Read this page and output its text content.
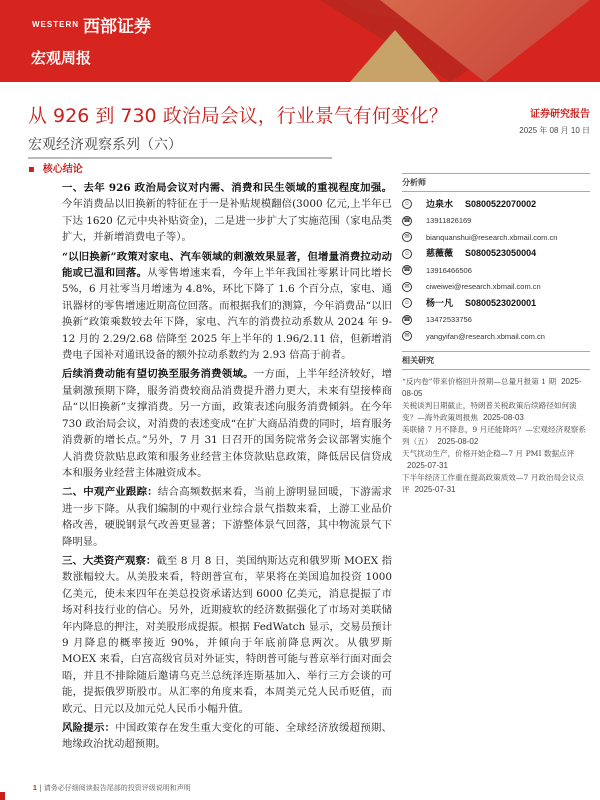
WESTERN 西部证券
宏观周报
从 926 到 730 政治局会议，行业景气有何变化？
宏观经济观察系列（六）
证券研究报告
2025 年 08 月 10 日
▪ 核心结论

一、去年 926 政治局会议对内需、消费和民生领域的重视程度加强。今年消费品以旧换新的特征在于一是补贴规模翻倍(3000 亿元,上半年已下达 1620 亿元中央补贴资金)，二是进一步扩大了实施范围（家电品类扩大，并新增消费电子等）。

“以旧换新”政策对家电、汽车领域的刺激效果显著，但增量消费拉动动能或已温和回落。从零售增速来看，今年上半年我国社零累计同比增长 5%，6 月社零当月增速为 4.8%，环比下降了 1.6 个百分点，家电、通讯器材的零售增速近期高位回落。而根据我们的测算，今年消费品“以旧换新”政策乘数较去年下降，家电、汽车的消费拉动系数从 2024 年 9-12 月的 2.29/2.68 倍降至 2025 年上半年的 1.96/2.11 倍，但新增消费电子国补对通讯设备的额外拉动系数约为 2.93 倍高于前者。

后续消费动能有望切换至服务消费领域。一方面，上半年经济较好，增量刺激预期下降，服务消费较商品消费提升潜力更大，未来有望接棒商品“以旧换新”支撑消费。另一方面，政策表述向服务消费倾斜。在今年 730 政治局会议，对消费的表述变成“在扩大商品消费的同时，培育服务消费新的增长点。”另外，7 月 31 日召开的国务院常务会议部署实施个人消费贷款贴息政策和服务业经营主体贷款贴息政策，降低居民信贷成本和服务业经营主体融资成本。

二、中观产业跟踪：结合高频数据来看，当前上游明显回暖，下游需求进一步下降。从我们编制的中观行业综合景气指数来看，上游工业品价格改善，硬脱钢景气改善更显著；下游整体景气回落，其中物流景气下降明显。

三、大类资产观察：截至 8 月 8 日，美国纳斯达克和俄罗斯 MOEX 指数涨幅较大。从美股来看，特朗普宣布，苹果将在美国追加投资 1000 亿美元，使未来四年在美总投资承诺达到 6000 亿美元，消息提振了市场对科技行业的信心。另外，近期疲软的经济数据强化了市场对美联储年内降息的押注，对美股形成提振。根据 FedWatch 显示，交易员预计 9 月降息的概率接近 90%，并倾向于年底前降息两次。从俄罗斯 MOEX 来看，白宫高级官员对外证实，特朗普可能与普京举行面对面会晤，并且不排除随后邀请乌克兰总统泽连斯基加入、举行三方会谈的可能，提振俄罗斯股市。从汇率的角度来看，本周美元兑人民币贬值，而欧元、日元以及加元兑人民币小幅升值。

风险提示：中国政策存在发生重大变化的可能、全球经济放缓超预期、地缘政治扰动超预期。

分析师
☺ 边泉水 S0800522070002
☎ 13911826169
✉	bianquanshui@research.xbmail.com.cn
☺ 慈薇薇 S0800523050004
☎ 13916466506
✉	ciweiwei@research.xbmail.com.cn
☺ 杨一凡 S0800523020001
☎ 13472533756
✉	yangyifan@research.xbmail.com.cn
相关研究
“反内卷”带来价格回升预期—总量月报第 1 期 2025-08-05
关税谈判日期截止，特朗普关税政策后续路径如何演变？—海外政策周报焦 2025-08-03
美联储 7 月不降息，9 月还能降吗？—宏观经济观察系列（五） 2025-08-02
天气扰动生产，价格开始企稳—7 月 PMI 数据点评2025-07-31
下半年经济工作重在提高政策质效—7 月政治局会议点评 2025-07-31
1 | 请务必仔细阅读报告尾部的投资评级说明和声明
